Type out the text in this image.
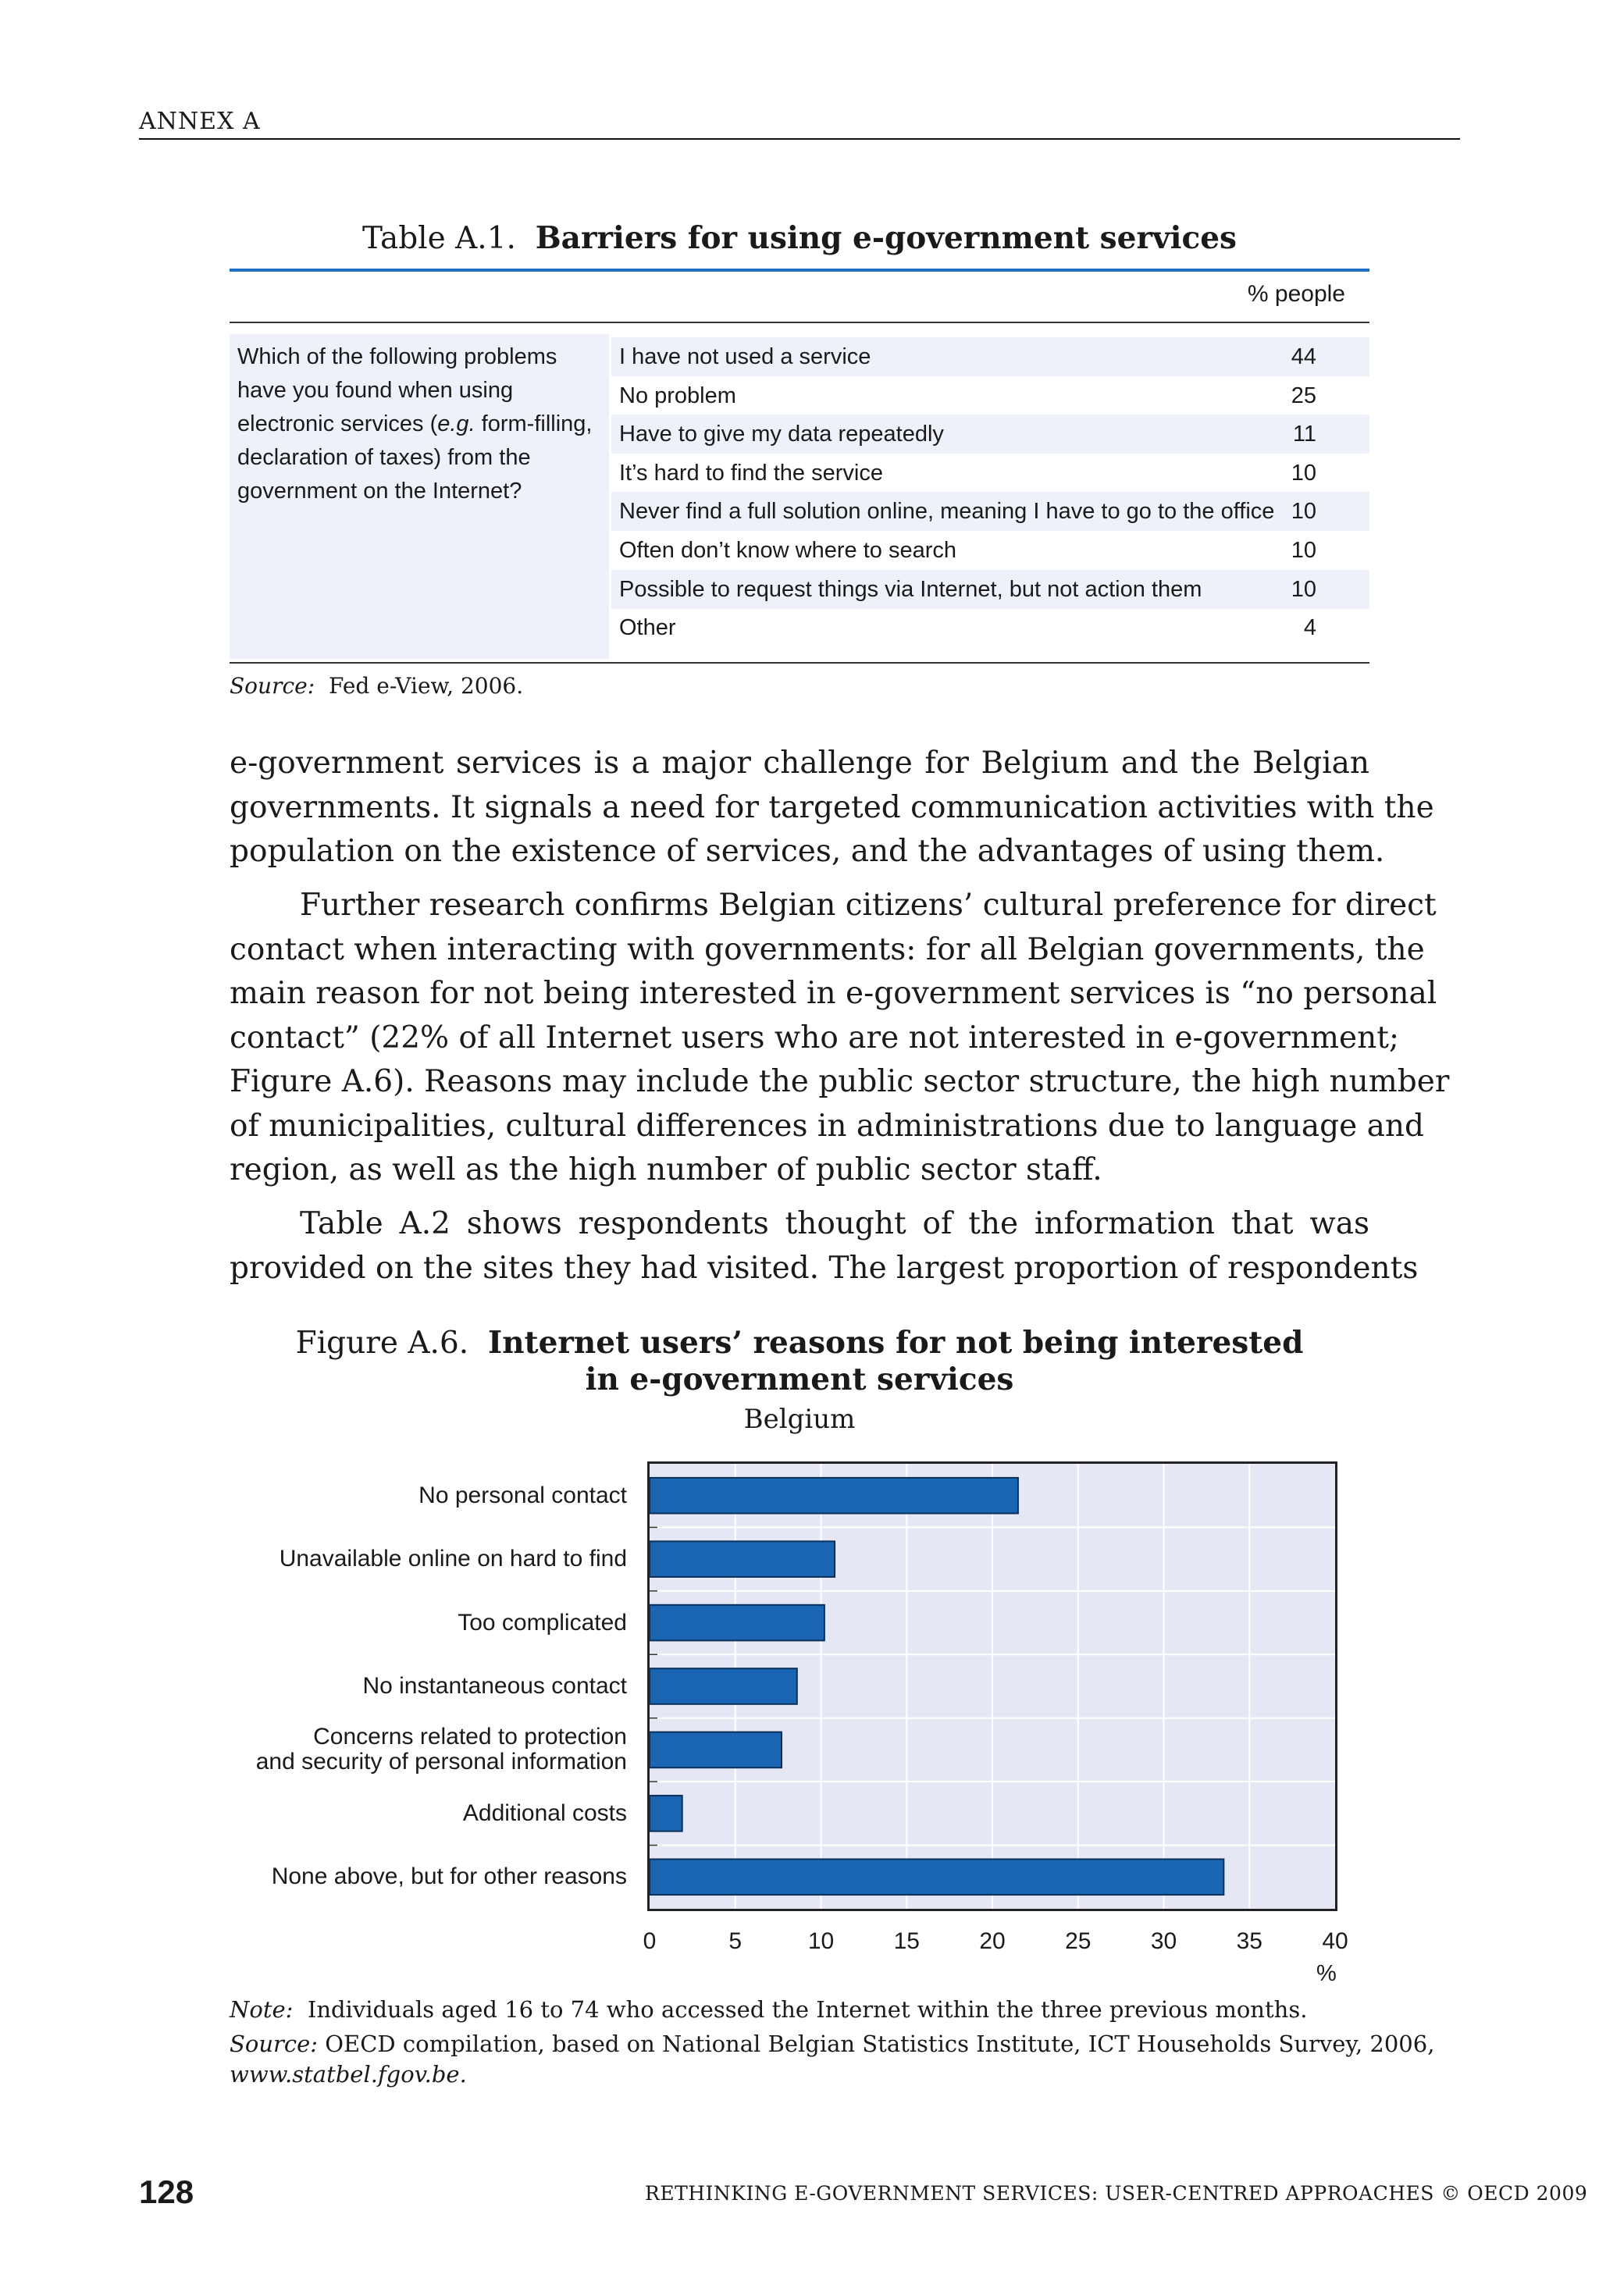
ANNEX A
Table A.1. Barriers for using e-government services
% people
Which of the following problems have you found when using electronic services (e.g. form-filling, declaration of taxes) from the government on the Internet?
I have not used a service	44
No problem	25
Have to give my data repeatedly	11
It’s hard to find the service	10
Never find a full solution online, meaning I have to go to the office 10
Often don’t know where to search	10
Possible to request things via Internet, but not action them	10
Other	4
Source: Fed e-View, 2006.
e-government services is a major challenge for Belgium and the Belgian
governments. It signals a need for targeted communication activities with the
population on the existence of services, and the advantages of using them.
Further research confirms Belgian citizens’ cultural preference for direct
contact when interacting with governments: for all Belgian governments, the
main reason for not being interested in e-government services is “no personal
contact” (22% of all Internet users who are not interested in e-government;
Figure A.6). Reasons may include the public sector structure, the high number
of municipalities, cultural differences in administrations due to language and
region, as well as the high number of public sector staff.
Table A.2 shows respondents thought of the information that was
provided on the sites they had visited. The largest proportion of respondents
Figure A.6. Internet users’ reasons for not being interested
in e-government services
Belgium
No personal contact
Unavailable online on hard to find
Too complicated
No instantaneous contact
Concerns related to protection
and security of personal information
Additional costs
None above, but for other reasons
0	5	10	15	20	25	30	35	40
%
Note: Individuals aged 16 to 74 who accessed the Internet within the three previous months.
Source: OECD compilation, based on National Belgian Statistics Institute, ICT Households Survey, 2006,
www.statbel.fgov.be.
128	RETHINKING E-GOVERNMENT SERVICES: USER-CENTRED APPROACHES © OECD 2009
